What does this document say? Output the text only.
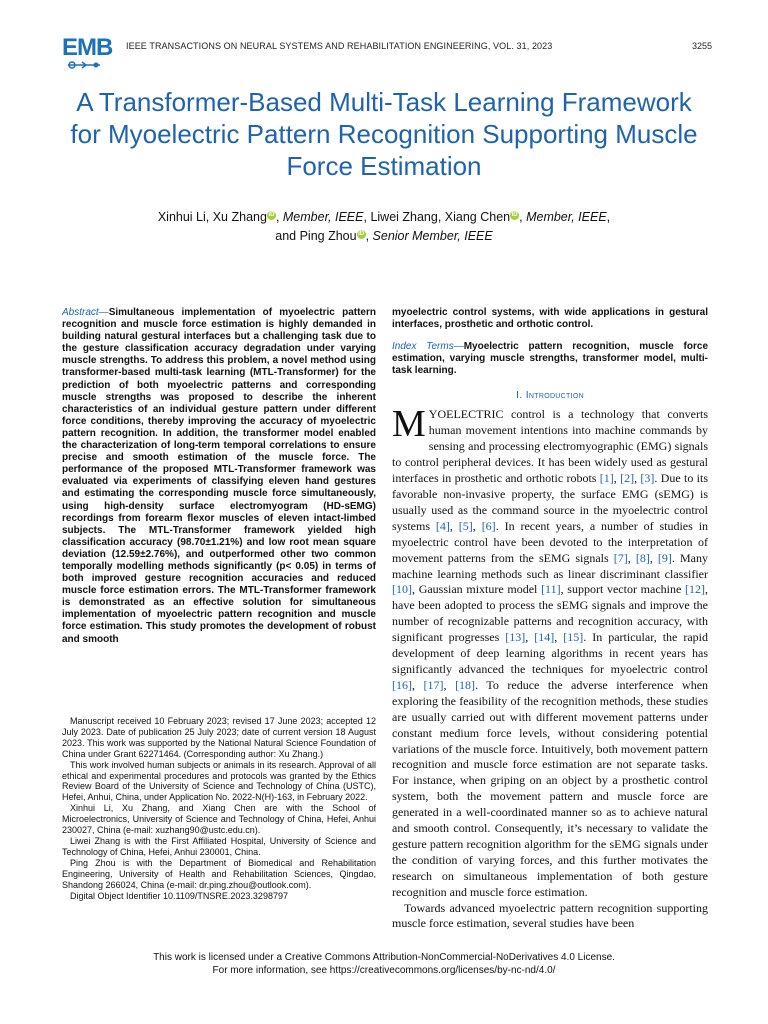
EMB IEEE TRANSACTIONS ON NEURAL SYSTEMS AND REHABILITATION ENGINEERING, VOL. 31, 2023	3255
A Transformer-Based Multi-Task Learning Framework for Myoelectric Pattern Recognition Supporting Muscle Force Estimation
Xinhui Li, Xu Zhang iD , Member, IEEE, Liwei Zhang, Xiang Chen iD , Member, IEEE,
and Ping Zhou iD , Senior Member, IEEE
Abstract—Simultaneous implementation of myoelectric pattern recognition and muscle force estimation is highly demanded in building natural gestural interfaces but a challenging task due to the gesture classification accuracy degradation under varying muscle strengths. To address this problem, a novel method using transformer-based multi-task learning (MTL-Transformer) for the prediction of both myoelectric patterns and corresponding muscle strengths was proposed to describe the inherent characteristics of an individual gesture pattern under different force conditions, thereby improving the accuracy of myoelectric pattern recognition. In addition, the transformer model enabled the characterization of long-term temporal correlations to ensure precise and smooth estimation of the muscle force. The performance of the proposed MTL-Transformer framework was evaluated via experiments of classifying eleven hand gestures and estimating the corresponding muscle force simultaneously, using high-density surface electromyogram (HD-sEMG) recordings from forearm flexor muscles of eleven intact-limbed subjects. The MTL-Transformer framework yielded high classification accuracy (98.70±1.21%) and low root mean square deviation (12.59±2.76%), and outperformed other two common temporally modelling methods significantly (p< 0.05) in terms of both improved gesture recognition accuracies and reduced muscle force estimation errors. The MTL-Transformer framework is demonstrated as an effective solution for simultaneous implementation of myoelectric pattern recognition and muscle force estimation. This study promotes the development of robust and smooth

Manuscript received 10 February 2023; revised 17 June 2023; accepted 12 July 2023. Date of publication 25 July 2023; date of current version 18 August 2023. This work was supported by the National Natural Science Foundation of China under Grant 62271464. (Corresponding author: Xu Zhang.)

This work involved human subjects or animals in its research. Approval of all ethical and experimental procedures and protocols was granted by the Ethics Review Board of the University of Science and Technology of China (USTC), Hefei, Anhui, China, under Application No. 2022-N(H)-163, in February 2022.

Xinhui Li, Xu Zhang, and Xiang Chen are with the School of Microelectronics, University of Science and Technology of China, Hefei, Anhui 230027, China (e-mail: xuzhang90@ustc.edu.cn).

Liwei Zhang is with the First Affiliated Hospital, University of Science and Technology of China, Hefei, Anhui 230001, China.

Ping Zhou is with the Department of Biomedical and Rehabilitation Engineering, University of Health and Rehabilitation Sciences, Qingdao, Shandong 266024, China (e-mail: dr.ping.zhou@outlook.com).

Digital Object Identifier 10.1109/TNSRE.2023.3298797

myoelectric control systems, with wide applications in gestural interfaces, prosthetic and orthotic control.

Index Terms—Myoelectric pattern recognition, muscle force estimation, varying muscle strengths, transformer model, multi-task learning.

I. Introduction

MYOELECTRIC control is a technology that converts human movement intentions into machine commands by sensing and processing electromyographic (EMG) signals to control peripheral devices. It has been widely used as gestural interfaces in prosthetic and orthotic robots [1], [2], [3]. Due to its favorable non-invasive property, the surface EMG (sEMG) is usually used as the command source in the myoelectric control systems [4], [5], [6]. In recent years, a number of studies in myoelectric control have been devoted to the interpretation of movement patterns from the sEMG signals [7], [8], [9]. Many machine learning methods such as linear discriminant classifier [10], Gaussian mixture model [11], support vector machine [12], have been adopted to process the sEMG signals and improve the number of recognizable patterns and recognition accuracy, with significant progresses [13], [14], [15]. In particular, the rapid development of deep learning algorithms in recent years has significantly advanced the techniques for myoelectric control [16], [17], [18]. To reduce the adverse interference when exploring the feasibility of the recognition methods, these studies are usually carried out with different movement patterns under constant medium force levels, without considering potential variations of the muscle force. Intuitively, both movement pattern recognition and muscle force estimation are not separate tasks. For instance, when griping on an object by a prosthetic control system, both the movement pattern and muscle force are generated in a well-coordinated manner so as to achieve natural and smooth control. Consequently, it’s necessary to validate the gesture pattern recognition algorithm for the sEMG signals under the condition of varying forces, and this further motivates the research on simultaneous implementation of both gesture recognition and muscle force estimation.

Towards advanced myoelectric pattern recognition supporting muscle force estimation, several studies have been

This work is licensed under a Creative Commons Attribution-NonCommercial-NoDerivatives 4.0 License.
For more information, see https://creativecommons.org/licenses/by-nc-nd/4.0/
